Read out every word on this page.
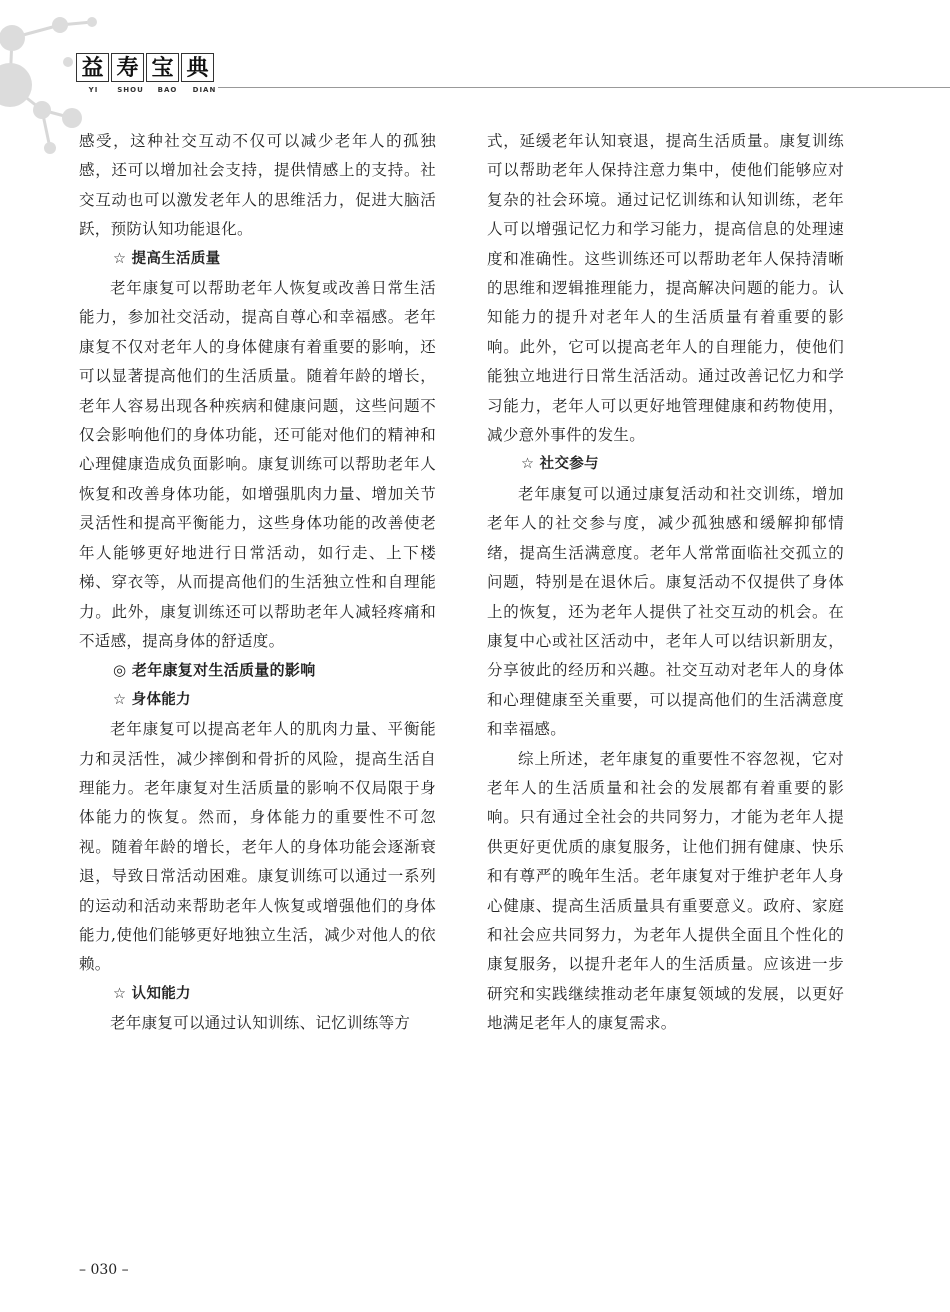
益 寿 宝 典
YI	SHOU	BAO	DIAN

感受，这种社交互动不仅可以减少老年人的孤独感，还可以增加社会支持，提供情感上的支持。社交互动也可以激发老年人的思维活力，促进大脑活跃，预防认知功能退化。

☆ 提高生活质量

老年康复可以帮助老年人恢复或改善日常生活能力，参加社交活动，提高自尊心和幸福感。老年康复不仅对老年人的身体健康有着重要的影响，还可以显著提高他们的生活质量。随着年龄的增长，老年人容易出现各种疾病和健康问题，这些问题不仅会影响他们的身体功能，还可能对他们的精神和心理健康造成负面影响。康复训练可以帮助老年人恢复和改善身体功能，如增强肌肉力量、增加关节灵活性和提高平衡能力，这些身体功能的改善使老年人能够更好地进行日常活动，如行走、上下楼梯、穿衣等，从而提高他们的生活独立性和自理能力。此外，康复训练还可以帮助老年人减轻疼痛和不适感，提高身体的舒适度。

◎ 老年康复对生活质量的影响

☆ 身体能力

老年康复可以提高老年人的肌肉力量、平衡能力和灵活性，减少摔倒和骨折的风险，提高生活自理能力。老年康复对生活质量的影响不仅局限于身体能力的恢复。然而，身体能力的重要性不可忽视。随着年龄的增长，老年人的身体功能会逐渐衰退，导致日常活动困难。康复训练可以通过一系列的运动和活动来帮助老年人恢复或增强他们的身体能力,使他们能够更好地独立生活，减少对他人的依赖。

☆ 认知能力

老年康复可以通过认知训练、记忆训练等方

式，延缓老年认知衰退，提高生活质量。康复训练可以帮助老年人保持注意力集中，使他们能够应对复杂的社会环境。通过记忆训练和认知训练，老年人可以增强记忆力和学习能力，提高信息的处理速度和准确性。这些训练还可以帮助老年人保持清晰的思维和逻辑推理能力，提高解决问题的能力。认知能力的提升对老年人的生活质量有着重要的影响。此外，它可以提高老年人的自理能力，使他们能独立地进行日常生活活动。通过改善记忆力和学习能力，老年人可以更好地管理健康和药物使用，减少意外事件的发生。

☆ 社交参与

老年康复可以通过康复活动和社交训练，增加老年人的社交参与度，减少孤独感和缓解抑郁情绪，提高生活满意度。老年人常常面临社交孤立的问题，特别是在退休后。康复活动不仅提供了身体上的恢复，还为老年人提供了社交互动的机会。在康复中心或社区活动中，老年人可以结识新朋友，分享彼此的经历和兴趣。社交互动对老年人的身体和心理健康至关重要，可以提高他们的生活满意度和幸福感。

综上所述，老年康复的重要性不容忽视，它对老年人的生活质量和社会的发展都有着重要的影响。只有通过全社会的共同努力，才能为老年人提供更好更优质的康复服务，让他们拥有健康、快乐和有尊严的晚年生活。老年康复对于维护老年人身心健康、提高生活质量具有重要意义。政府、家庭和社会应共同努力，为老年人提供全面且个性化的康复服务，以提升老年人的生活质量。应该进一步研究和实践继续推动老年康复领域的发展，以更好地满足老年人的康复需求。

– 030 –
